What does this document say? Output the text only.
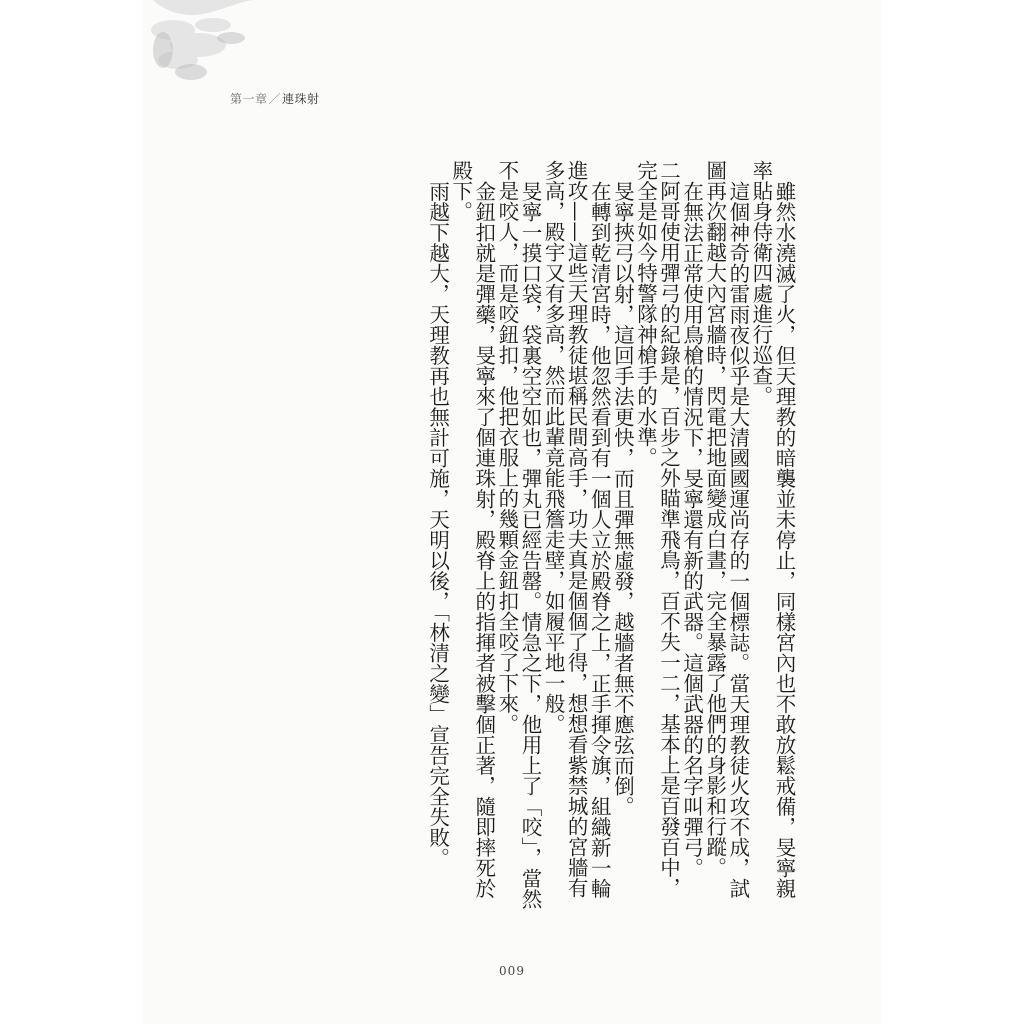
第一章／連珠射

雖然水澆滅了火，但天理教的暗襲並未停止，同樣宮內也不敢放鬆戒備，旻寧親率貼身侍衛四處進行巡查。

這個神奇的雷雨夜似乎是大清國國運尚存的一個標誌。當天理教徒火攻不成，試圖再次翻越大內宮牆時，閃電把地面變成白晝，完全暴露了他們的身影和行蹤。

在無法正常使用鳥槍的情況下，旻寧還有新的武器。這個武器的名字叫彈弓。

二阿哥使用彈弓的紀錄是，百步之外瞄準飛鳥，百不失一二，基本上是百發百中，完全是如今特警隊神槍手的水準。

旻寧挾弓以射，這回手法更快，而且彈無虛發，越牆者無不應弦而倒。

在轉到乾清宮時，他忽然看到有一個人立於殿脊之上，正手揮令旗，組織新一輪進攻——這些天理教徒堪稱民間高手，功夫真是個個了得，想想看紫禁城的宮牆有多高，殿宇又有多高，然而此輩竟能飛簷走壁，如履平地一般。

旻寧一摸口袋，袋裏空空如也，彈丸已經告罄。情急之下，他用上了「咬」，當然不是咬人，而是咬鈕扣，他把衣服上的幾顆金鈕扣全咬了下來。

金鈕扣就是彈藥，旻寧來了個連珠射，殿脊上的指揮者被擊個正著，隨即摔死於殿下。

雨越下越大，天理教再也無計可施，天明以後，「林清之變」宣告完全失敗。

009
